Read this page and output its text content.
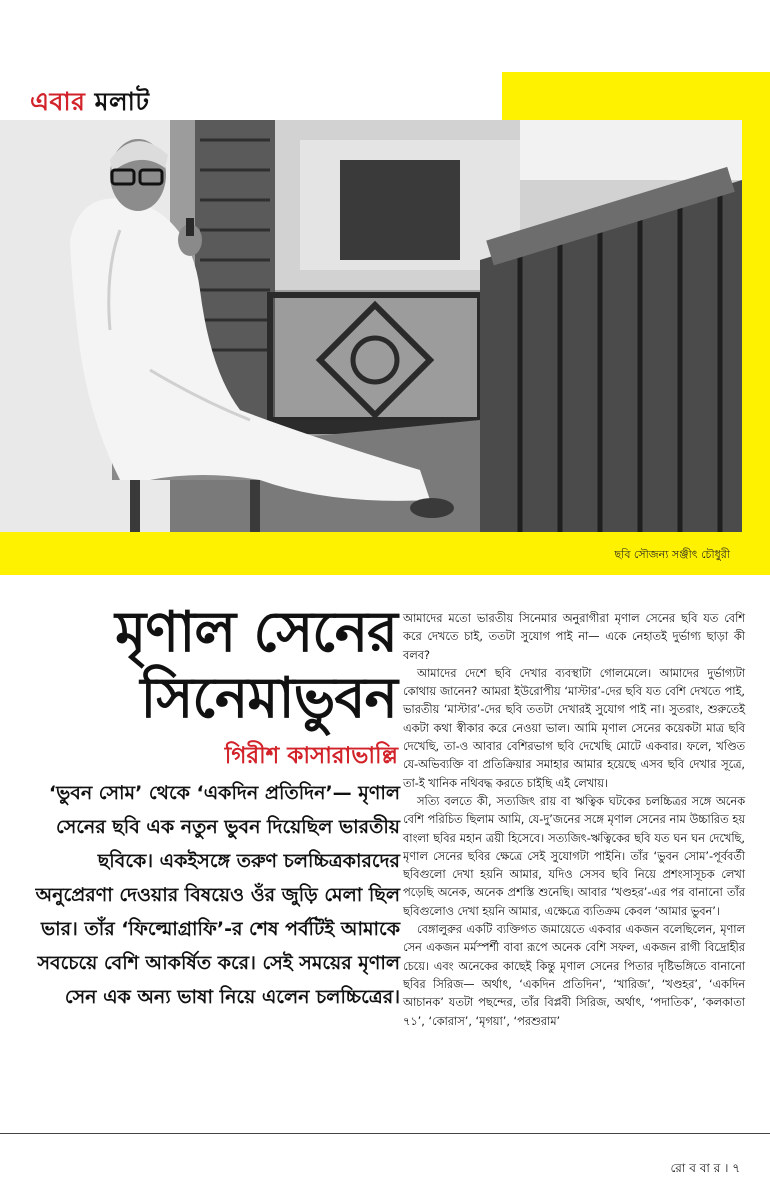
এবার মলাট
ছবি সৌজন্য সঞ্জীৎ চৌধুরী
মৃণাল সেনের
সিনেমাভুবন
গিরীশ কাসারাভাল্লি
‘ভুবন সোম’ থেকে ‘একদিন প্রতিদিন’— মৃণাল সেনের ছবি এক নতুন ভুবন দিয়েছিল ভারতীয় ছবিকে। একইসঙ্গে তরুণ চলচ্চিত্রকারদের অনুপ্রেরণা দেওয়ার বিষয়েও ওঁর জুড়ি মেলা ছিল ভার। তাঁর ‘ফিল্মোগ্রাফি’-র শেষ পর্বটিই আমাকে সবচেয়ে বেশি আকর্ষিত করে। সেই সময়ের মৃণাল সেন এক অন্য ভাষা নিয়ে এলেন চলচ্চিত্রের।

আমাদের মতো ভারতীয় সিনেমার অনুরাগীরা মৃণাল সেনের ছবি যত বেশি করে দেখতে চাই, ততটা সুযোগ পাই না— একে নেহাতই দুর্ভাগ্য ছাড়া কী বলব?

আমাদের দেশে ছবি দেখার ব্যবস্থাটা গোলমেলে। আমাদের দুর্ভাগ্যটা কোথায় জানেন? আমরা ইউরোপীয় ‘মাস্টার’-দের ছবি যত বেশি দেখতে পাই, ভারতীয় ‘মাস্টার’-দের ছবি ততটা দেখারই সুযোগ পাই না। সুতরাং, শুরুতেই একটা কথা স্বীকার করে নেওয়া ভাল। আমি মৃণাল সেনের কয়েকটা মাত্র ছবি দেখেছি, তা-ও আবার বেশিরভাগ ছবি দেখেছি মোটে একবার। ফলে, খণ্ডিত যে-অভিব্যক্তি বা প্রতিক্রিয়ার সমাহার আমার হয়েছে এসব ছবি দেখার সূত্রে, তা-ই খানিক নথিবদ্ধ করতে চাইছি এই লেখায়।

সত্যি বলতে কী, সত্যজিৎ রায় বা ঋত্বিক ঘটকের চলচ্চিত্রর সঙ্গে অনেক বেশি পরিচিত ছিলাম আমি, যে-দু’জনের সঙ্গে মৃণাল সেনের নাম উচ্চারিত হয় বাংলা ছবির মহান ত্রয়ী হিসেবে। সত্যজিৎ-ঋত্বিকের ছবি যত ঘন ঘন দেখেছি, মৃণাল সেনের ছবির ক্ষেত্রে সেই সুযোগটা পাইনি। তাঁর ‘ভুবন সোম’-পূর্ববর্তী ছবিগুলো দেখা হয়নি আমার, যদিও সেসব ছবি নিয়ে প্রশংসাসূচক লেখা পড়েছি অনেক, অনেক প্রশস্তি শুনেছি। আবার ‘খণ্ডহর’-এর পর বানানো তাঁর ছবিগুলোও দেখা হয়নি আমার, এক্ষেত্রে ব্যতিক্রম কেবল ‘আমার ভুবন’।

বেঙ্গালুরুর একটি ব্যক্তিগত জমায়েতে একবার একজন বলেছিলেন, মৃণাল সেন একজন মর্মস্পর্শী বাবা রূপে অনেক বেশি সফল, একজন রাগী বিদ্রোহীর চেয়ে। এবং অনেকের কাছেই কিন্তু মৃণাল সেনের পিতার দৃষ্টিভঙ্গিতে বানানো ছবির সিরিজ— অর্থাৎ, ‘একদিন প্রতিদিন’, ‘খারিজ’, ‘খণ্ডহর’, ‘একদিন আচানক’ যতটা পছন্দের, তাঁর বিপ্লবী সিরিজ, অর্থাৎ, ‘পদাতিক’, ‘কলকাতা ৭১’, ‘কোরাস’, ‘মৃগয়া’, ‘পরশুরাম’

রো ব বা র । ৭
